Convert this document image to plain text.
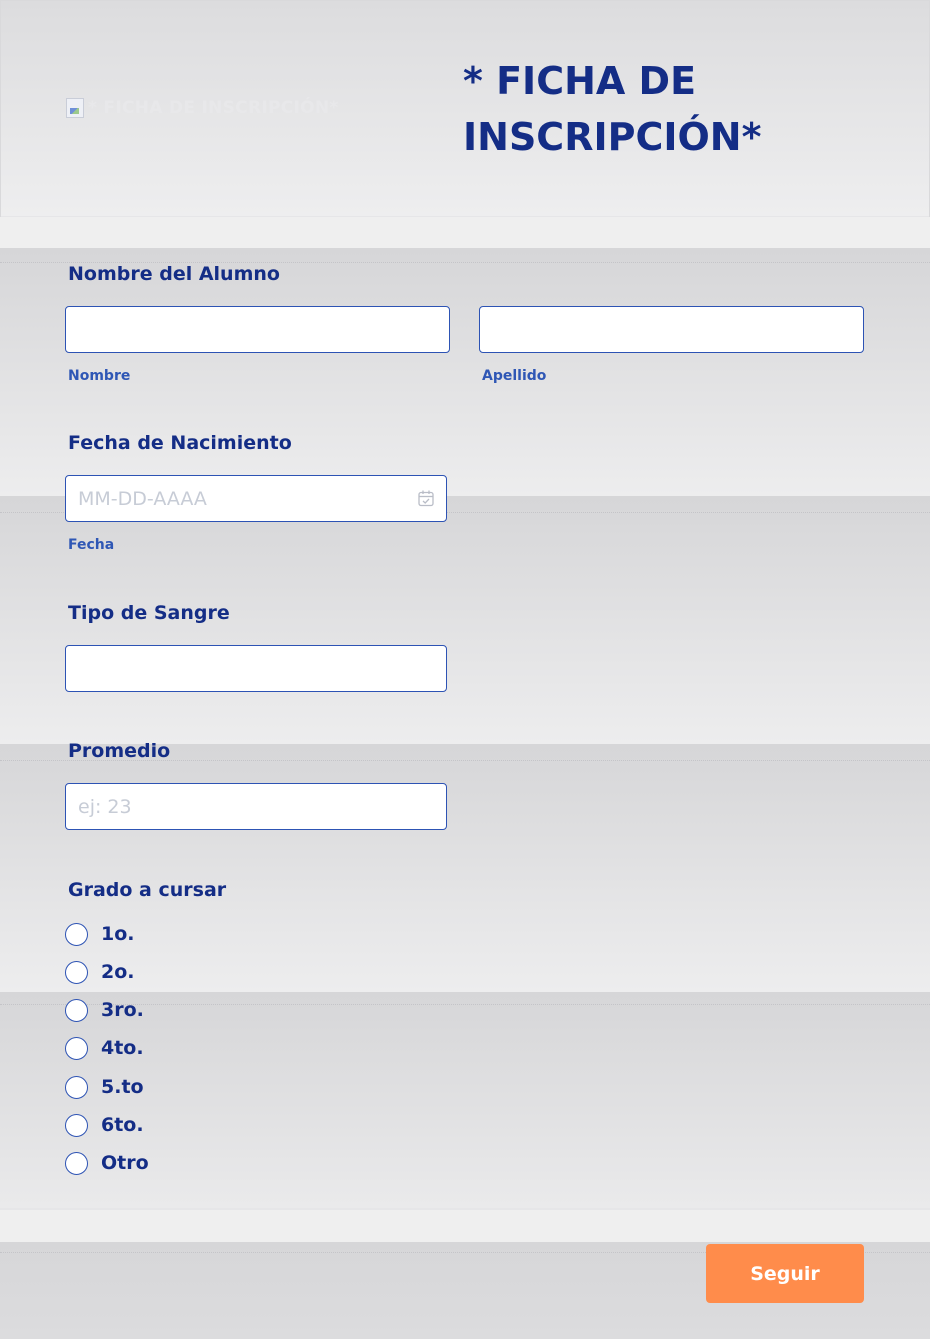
* FICHA DE INSCRIPCIÓN*
* FICHA DE INSCRIPCIÓN*
Nombre del Alumno
Nombre	Apellido
Fecha de Nacimiento
MM-DD-AAAA
Fecha
Tipo de Sangre
Promedio
ej: 23
Grado a cursar
1o.
2o.
3ro.
4to.
5.to
6to.
Otro
Seguir
